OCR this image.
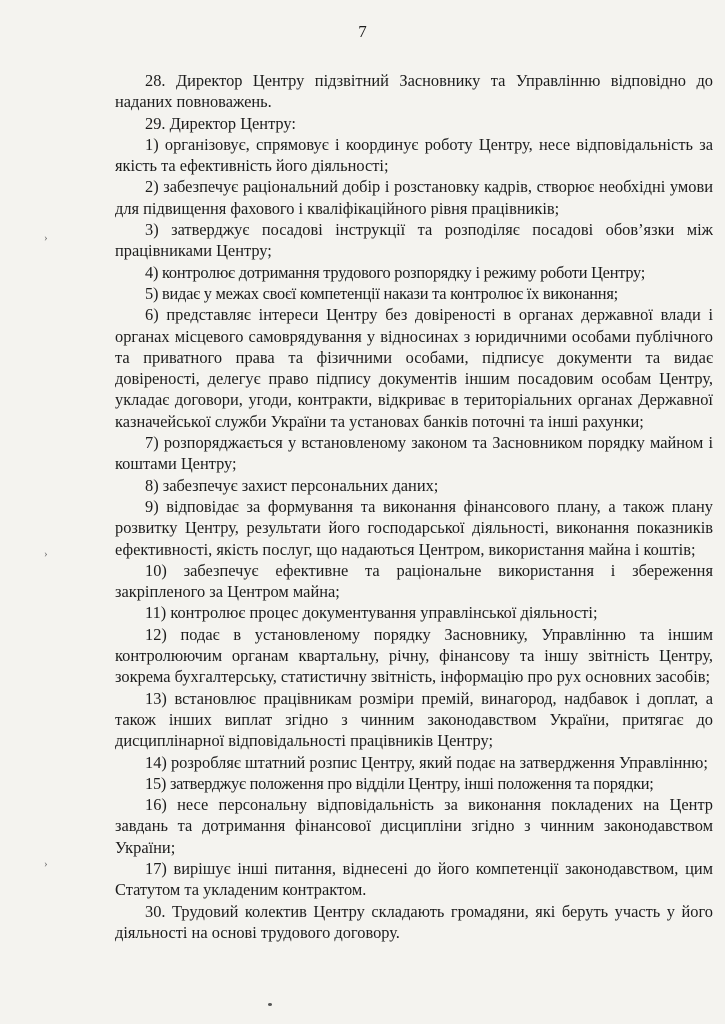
7
›
›
›

28. Директор Центру підзвітний Засновнику та Управлінню відповідно до наданих повноважень.

29. Директор Центру:

1) організовує, спрямовує і координує роботу Центру, несе відповідальність за якість та ефективність його діяльності;

2) забезпечує раціональний добір і розстановку кадрів, створює необхідні умови для підвищення фахового і кваліфікаційного рівня працівників;

3) затверджує посадові інструкції та розподіляє посадові обов’язки між працівниками Центру;

4) контролює дотримання трудового розпорядку і режиму роботи Центру;

5) видає у межах своєї компетенції накази та контролює їх виконання;

6) представляє інтереси Центру без довіреності в органах державної влади і органах місцевого самоврядування у відносинах з юридичними особами публічного та приватного права та фізичними особами, підписує документи та видає довіреності, делегує право підпису документів іншим посадовим особам Центру, укладає договори, угоди, контракти, відкриває в територіальних органах Державної казначейської служби України та установах банків поточні та інші рахунки;

7) розпоряджається у встановленому законом та Засновником порядку майном і коштами Центру;

8) забезпечує захист персональних даних;

9) відповідає за формування та виконання фінансового плану, а також плану розвитку Центру, результати його господарської діяльності, виконання показників ефективності, якість послуг, що надаються Центром, використання майна і коштів;

10) забезпечує ефективне та раціональне використання і збереження закріпленого за Центром майна;

11) контролює процес документування управлінської діяльності;

12) подає в установленому порядку Засновнику, Управлінню та іншим контролюючим органам квартальну, річну, фінансову та іншу звітність Центру, зокрема бухгалтерську, статистичну звітність, інформацію про рух основних засобів;

13) встановлює працівникам розміри премій, винагород, надбавок і доплат, а також інших виплат згідно з чинним законодавством України, притягає до дисциплінарної відповідальності працівників Центру;

14) розробляє штатний розпис Центру, який подає на затвердження Управлінню;

15) затверджує положення про відділи Центру, інші положення та порядки;

16) несе персональну відповідальність за виконання покладених на Центр завдань та дотримання фінансової дисципліни згідно з чинним законодавством України;

17) вирішує інші питання, віднесені до його компетенції законодавством, цим Статутом та укладеним контрактом.

30. Трудовий колектив Центру складають громадяни, які беруть участь у його діяльності на основі трудового договору.
